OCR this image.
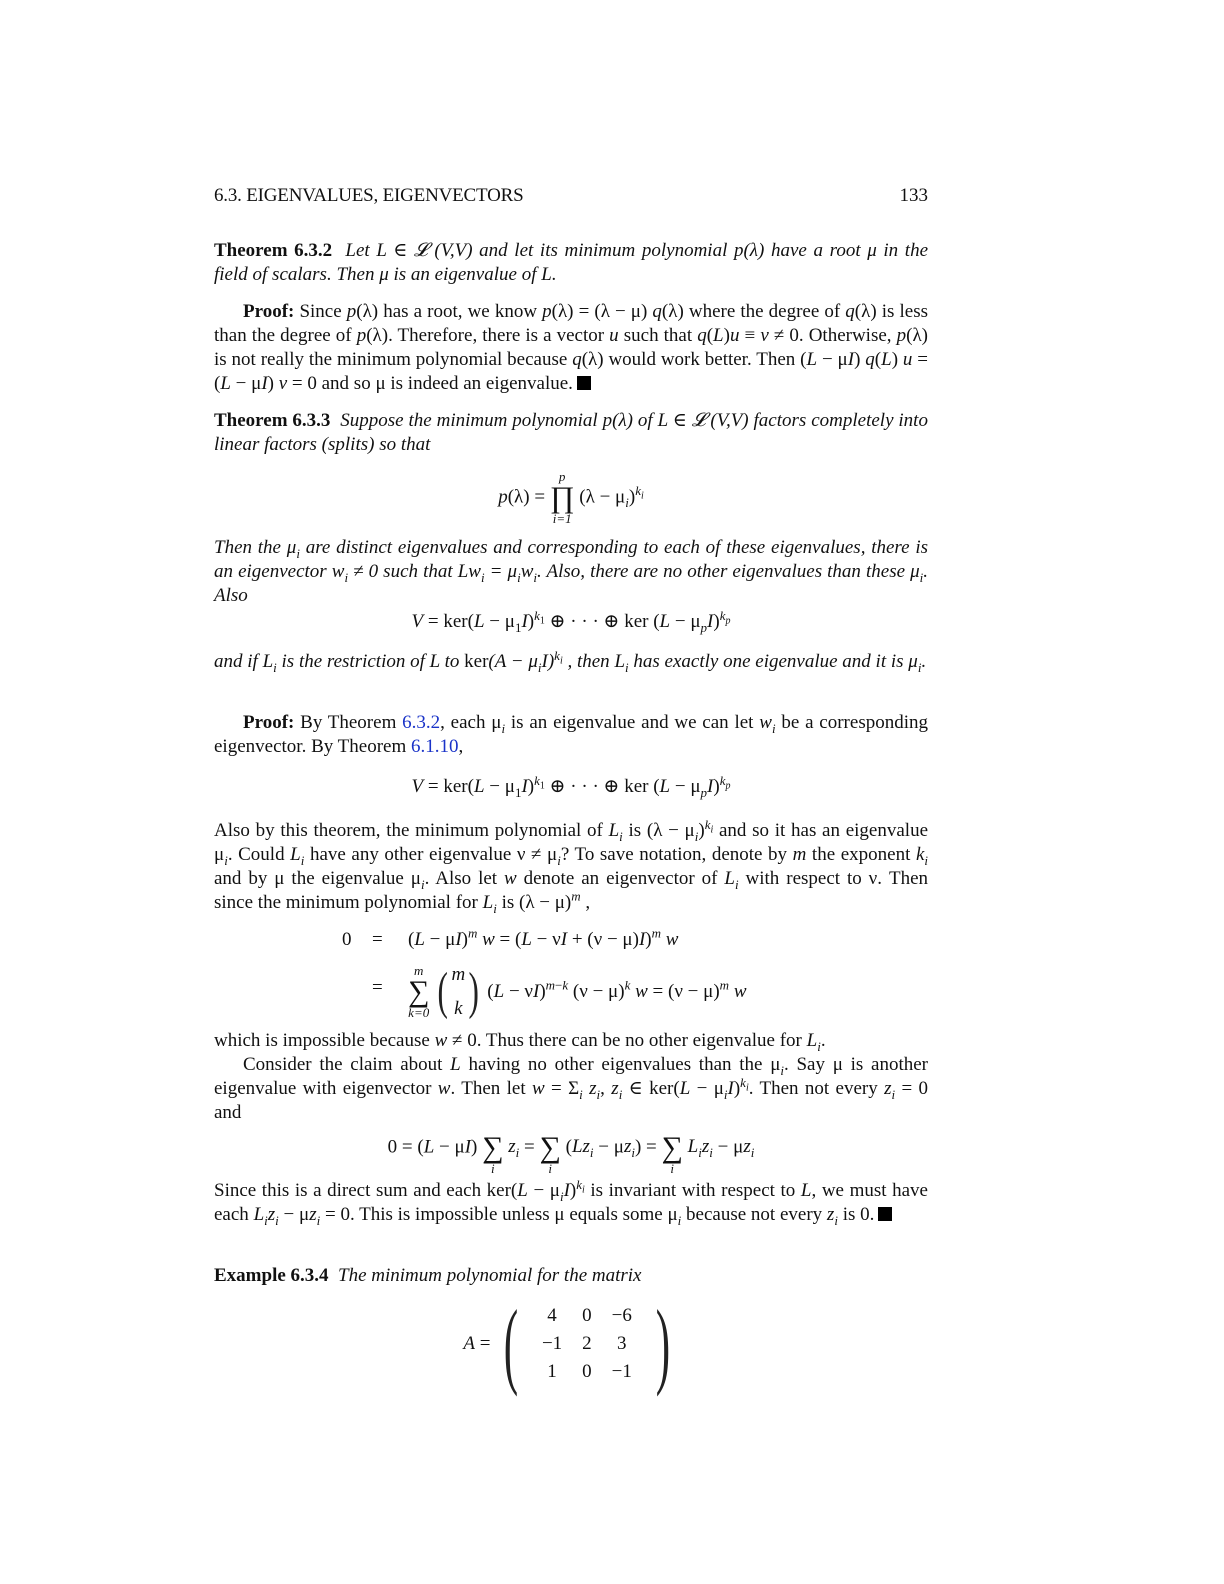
6.3. EIGENVALUES, EIGENVECTORS	133

Theorem 6.3.2  Let L ∈ 𝓛 (V,V) and let its minimum polynomial p(λ) have a root μ in the field of scalars. Then μ is an eigenvalue of L.

Proof: Since p(λ) has a root, we know p(λ) = (λ − μ) q(λ) where the degree of q(λ) is less than the degree of p(λ). Therefore, there is a vector u such that q(L)u ≡ v ≠ 0. Otherwise, p(λ) is not really the minimum polynomial because q(λ) would work better. Then (L − μI) q(L) u = (L − μI) v = 0 and so μ is indeed an eigenvalue.

Theorem 6.3.3  Suppose the minimum polynomial p(λ) of L ∈ 𝓛 (V,V) factors completely into linear factors (splits) so that

p(λ) =
p
∏
i=1
$(\lambda - \mu_i)^{k_i}$

Then the $\mu_i$ are distinct eigenvalues and corresponding to each of these eigenvalues, there is an eigenvector $w_i \ne 0$ such that $Lw_i = \mu_iw_i$. Also, there are no other eigenvalues than these $\mu_i$. Also

$V = ker(L - \mu_1I)^{k_1}$ ⊕ · · · ⊕ ker $(L - \mu_pI)^{k_p}$

and if $L_i$ is the restriction of L to $ker(A - \mu_iI)^{k_i}$ , then $L_i$ has exactly one eigenvalue and it is $\mu_i$.

Proof: By Theorem 6.3.2, each $\mu_i$ is an eigenvalue and we can let $w_i$ be a corresponding eigenvector. By Theorem 6.1.10,

$V = ker(L - \mu_1I)^{k_1}$ ⊕ · · · ⊕ ker $(L - \mu_pI)^{k_p}$

Also by this theorem, the minimum polynomial of $L_i$ is $(\lambda - \mu_i)^{k_i}$ and so it has an eigenvalue $\mu_i$. Could $L_i$ have any other eigenvalue $\nu \ne \mu_i$? To save notation, denote by m the exponent $k_i$ and by μ the eigenvalue $\mu_i$. Also let w denote an eigenvector of $L_i$ with respect to ν. Then since the minimum polynomial for $L_i$ is $(\lambda - \mu)^m$ ,

$0 = (L - \mu I)^m$ $w = (L - \nu I + (\nu - \mu)I)^m$ w
=
m
∑
k=0 ( m
k ) $(L - \nu I)^{m-k}$ $(\nu - \mu)^k$ $w = (\nu - \mu)^m$ w

which is impossible because w ≠ 0. Thus there can be no other eigenvalue for $L_i$.

Consider the claim about L having no other eigenvalues than the $\mu_i$. Say μ is another eigenvalue with eigenvector w. Then let $w = \Sigma_i$ $z_i$, $z_i$ ∈ $ker(L - \mu_iI)^{k_i}$. Then not every $z_i = 0$ and

0 = (L − μI)
∑
i
$z_i$ =
∑
i
$(Lz_i - \mu z_i)$ =
∑
i
$L_iz_i - \mu z_i$

Since this is a direct sum and each $ker(L - \mu_iI)^{k_i}$ is invariant with respect to L, we must have each $L_iz_i - \mu z_i = 0$. This is impossible unless μ equals some $\mu_i$ because not every $z_i$ is 0.

Example 6.3.4 The minimum polynomial for the matrix

A = ( 4	0	−6
−1	2	3
1	0	−1 )
